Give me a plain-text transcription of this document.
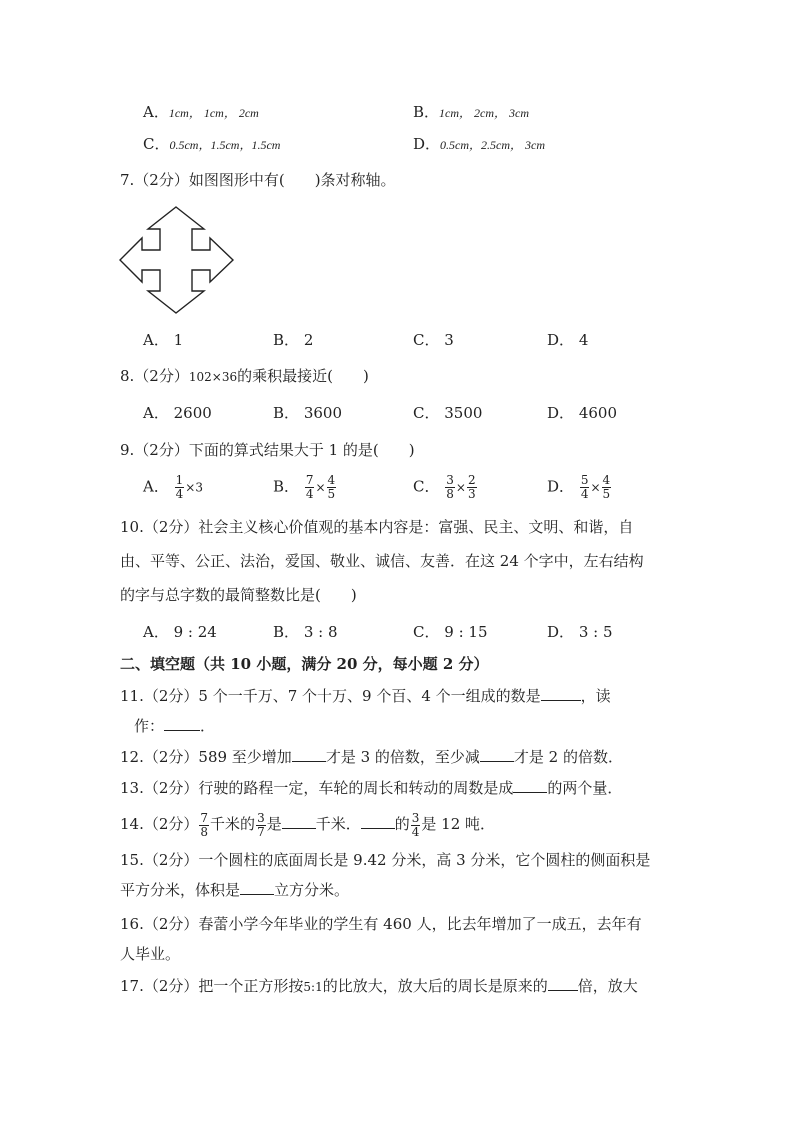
A．1cm， 1cm， 2cm	B．1cm， 2cm， 3cm
C．0.5cm，1.5cm，1.5cm	D．0.5cm，2.5cm， 3cm
7.（2分）如图图形中有(　　)条对称轴。
A． 1	B． 2	C． 3	D． 4
8.（2分）102×36的乘积最接近(　　)
A． 2600	B． 3600	C． 3500	D． 4600
9.（2分）下面的算式结果大于 1 的是(　　)
A． $\frac{1}{4} \times 3$	B． $\frac{7}{4} \times \frac{4}{5}$	C． $\frac{3}{8} \times \frac{2}{3}$	D． $\frac{5}{4} \times \frac{4}{5}$
10.（2分）社会主义核心价值观的基本内容是：富强、民主、文明、和谐，自
由、平等、公正、法治，爱国、敬业、诚信、友善．在这 24 个字中，左右结构
的字与总字数的最简整数比是(　　)
A． 9 : 24	B． 3 : 8	C． 9 : 15	D． 3 : 5
二、填空题（共 10 小题，满分 20 分，每小题 2 分）
11.（2分）5 个一千万、7 个十万、9 个百、4 个一组成的数是	，读
作： ．
12.（2分）589 至少增加 才是 3 的倍数，至少减 才是 2 的倍数．
13.（2分）行驶的路程一定，车轮的周长和转动的周数是成 的两个量．
14.（2分） $\frac{7}{8}$ 千米的 $\frac{3}{7}$ 是 千米． 的 $\frac{3}{4}$ 是 12 吨．
15.（2分）一个圆柱的底面周长是 9.42 分米，高 3 分米，它个圆柱的侧面积是
平方分米，体积是 立方分米。
16.（2分）春蕾小学今年毕业的学生有 460 人，比去年增加了一成五，去年有
人毕业。
17.（2分）把一个正方形按5:1的比放大，放大后的周长是原来的 倍，放大
